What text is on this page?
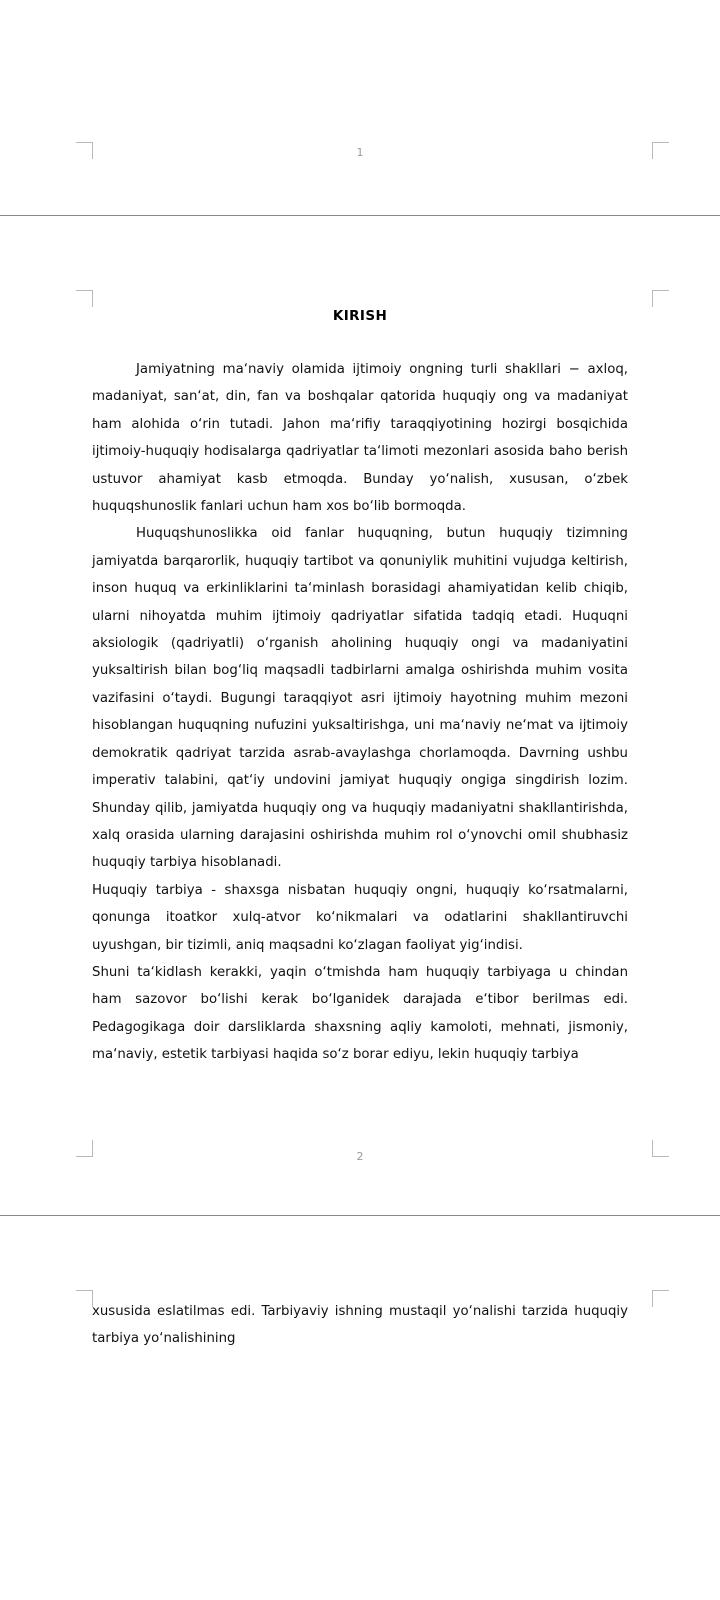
1
KIRISH

Jamiyatning ma‘naviy olamida ijtimoiy ongning turli shakllari − axloq, madaniyat, san‘at, din, fan va boshqalar qatorida huquqiy ong va madaniyat ham alohida o‘rin tutadi. Jahon ma‘rifiy taraqqiyotining hozirgi bosqichida ijtimoiy-huquqiy hodisalarga qadriyatlar ta‘limoti mezonlari asosida baho berish ustuvor ahamiyat kasb etmoqda. Bunday yo‘nalish, xususan, o‘zbek huquqshunoslik fanlari uchun ham xos bo‘lib bormoqda.

Huquqshunoslikka oid fanlar huquqning, butun huquqiy tizimning jamiyatda barqarorlik, huquqiy tartibot va qonuniylik muhitini vujudga keltirish, inson huquq va erkinliklarini ta‘minlash borasidagi ahamiyatidan kelib chiqib, ularni nihoyatda muhim ijtimoiy qadriyatlar sifatida tadqiq etadi. Huquqni aksiologik (qadriyatli) o‘rganish aholining huquqiy ongi va madaniyatini yuksaltirish bilan bog‘liq maqsadli tadbirlarni amalga oshirishda muhim vosita vazifasini o‘taydi. Bugungi taraqqiyot asri ijtimoiy hayotning muhim mezoni hisoblangan huquqning nufuzini yuksaltirishga, uni ma‘naviy ne‘mat va ijtimoiy demokratik qadriyat tarzida asrab-avaylashga chorlamoqda. Davrning ushbu imperativ talabini, qat‘iy undovini jamiyat huquqiy ongiga singdirish lozim. Shunday qilib, jamiyatda huquqiy ong va huquqiy madaniyatni shakllantirishda, xalq orasida ularning darajasini oshirishda muhim rol o‘ynovchi omil shubhasiz huquqiy tarbiya hisoblanadi.

Huquqiy tarbiya - shaxsga nisbatan huquqiy ongni, huquqiy ko‘rsatmalarni, qonunga itoatkor xulq-atvor ko‘nikmalari va odatlarini shakllantiruvchi uyushgan, bir tizimli, aniq maqsadni ko‘zlagan faoliyat yig‘indisi.

Shuni ta‘kidlash kerakki, yaqin o‘tmishda ham huquqiy tarbiyaga u chindan ham sazovor bo‘lishi kerak bo‘lganidek darajada e‘tibor berilmas edi. Pedagogikaga doir darsliklarda shaxsning aqliy kamoloti, mehnati, jismoniy, ma‘naviy, estetik tarbiyasi haqida so‘z borar ediyu, lekin huquqiy tarbiya

2

xususida eslatilmas edi. Tarbiyaviy ishning mustaqil yo‘nalishi tarzida huquqiy tarbiya yo‘nalishining
